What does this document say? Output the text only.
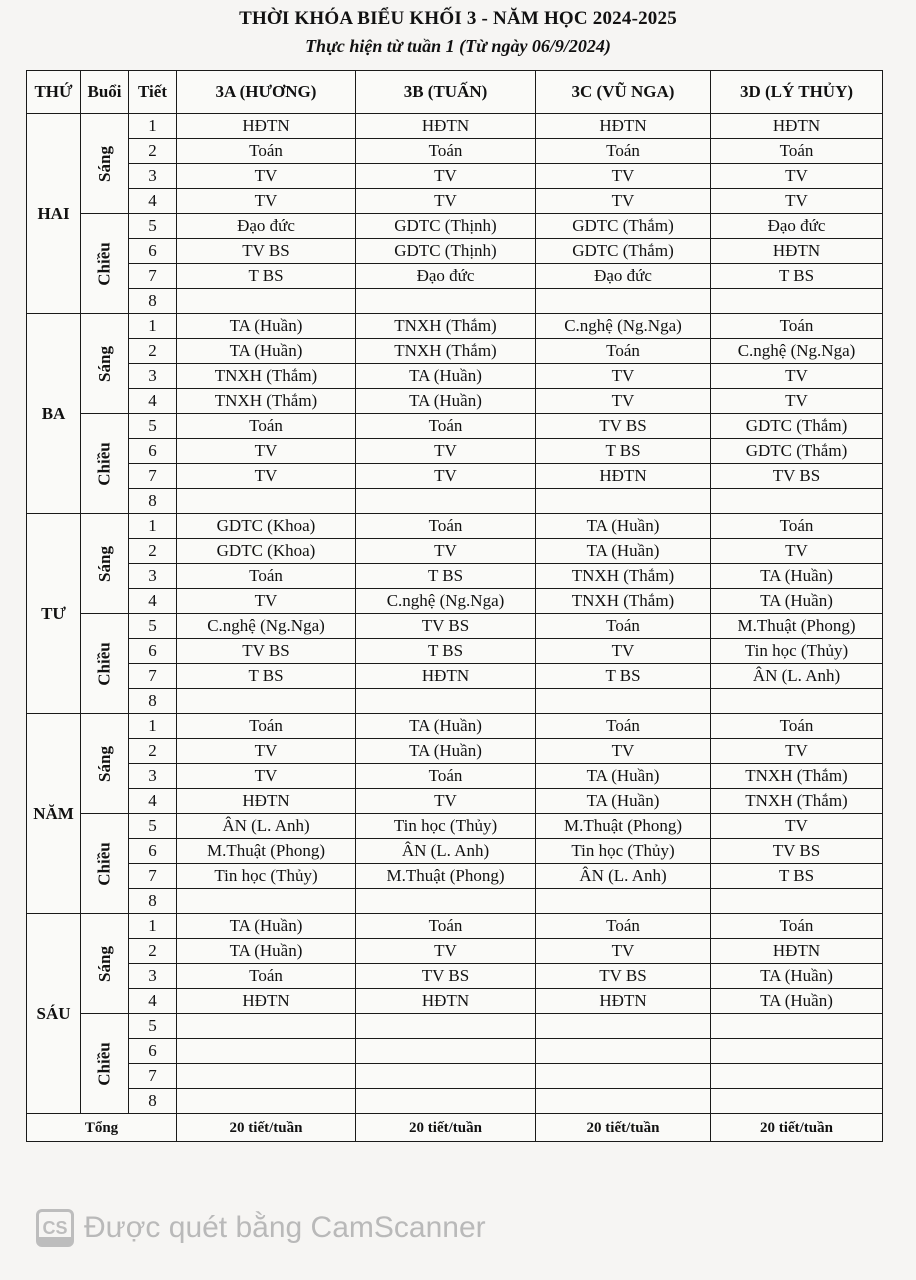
THỜI KHÓA BIỂU KHỐI 3 - NĂM HỌC 2024-2025
Thực hiện từ tuần 1 (Từ ngày 06/9/2024)
THỨ	Buổi	Tiết	3A (HƯƠNG)	3B (TUẤN)	3C (VŨ NGA)	3D (LÝ THỦY)
HAI	Sáng	1	HĐTN	HĐTN	HĐTN	HĐTN
		2	Toán	Toán	Toán	Toán
		3	TV	TV	TV	TV
		4	TV	TV	TV	TV
	Chiều	5	Đạo đức	GDTC (Thịnh)	GDTC (Thắm)	Đạo đức
		6	TV BS	GDTC (Thịnh)	GDTC (Thắm)	HĐTN
		7	T BS	Đạo đức	Đạo đức	T BS
		8				
BA	Sáng	1	TA (Huần)	TNXH (Thắm)	C.nghệ (Ng.Nga)	Toán
		2	TA (Huần)	TNXH (Thắm)	Toán	C.nghệ (Ng.Nga)
		3	TNXH (Thắm)	TA (Huần)	TV	TV
		4	TNXH (Thắm)	TA (Huần)	TV	TV
	Chiều	5	Toán	Toán	TV BS	GDTC (Thắm)
		6	TV	TV	T BS	GDTC (Thắm)
		7	TV	TV	HĐTN	TV BS
		8				
TƯ	Sáng	1	GDTC (Khoa)	Toán	TA (Huần)	Toán
		2	GDTC (Khoa)	TV	TA (Huần)	TV
		3	Toán	T BS	TNXH (Thắm)	TA (Huần)
		4	TV	C.nghệ (Ng.Nga)	TNXH (Thắm)	TA (Huần)
	Chiều	5	C.nghệ (Ng.Nga)	TV BS	Toán	M.Thuật (Phong)
		6	TV BS	T BS	TV	Tin học (Thủy)
		7	T BS	HĐTN	T BS	ÂN (L. Anh)
		8				
NĂM	Sáng	1	Toán	TA (Huần)	Toán	Toán
		2	TV	TA (Huần)	TV	TV
		3	TV	Toán	TA (Huần)	TNXH (Thắm)
		4	HĐTN	TV	TA (Huần)	TNXH (Thắm)
	Chiều	5	ÂN (L. Anh)	Tin học (Thủy)	M.Thuật (Phong)	TV
		6	M.Thuật (Phong)	ÂN (L. Anh)	Tin học (Thủy)	TV BS
		7	Tin học (Thủy)	M.Thuật (Phong)	ÂN (L. Anh)	T BS
		8				
SÁU	Sáng	1	TA (Huần)	Toán	Toán	Toán
		2	TA (Huần)	TV	TV	HĐTN
		3	Toán	TV BS	TV BS	TA (Huần)
		4	HĐTN	HĐTN	HĐTN	TA (Huần)
	Chiều	5				
		6				
		7				
		8				
Tổng			20 tiết/tuần	20 tiết/tuần	20 tiết/tuần	20 tiết/tuần
CS Được quét bằng CamScanner
